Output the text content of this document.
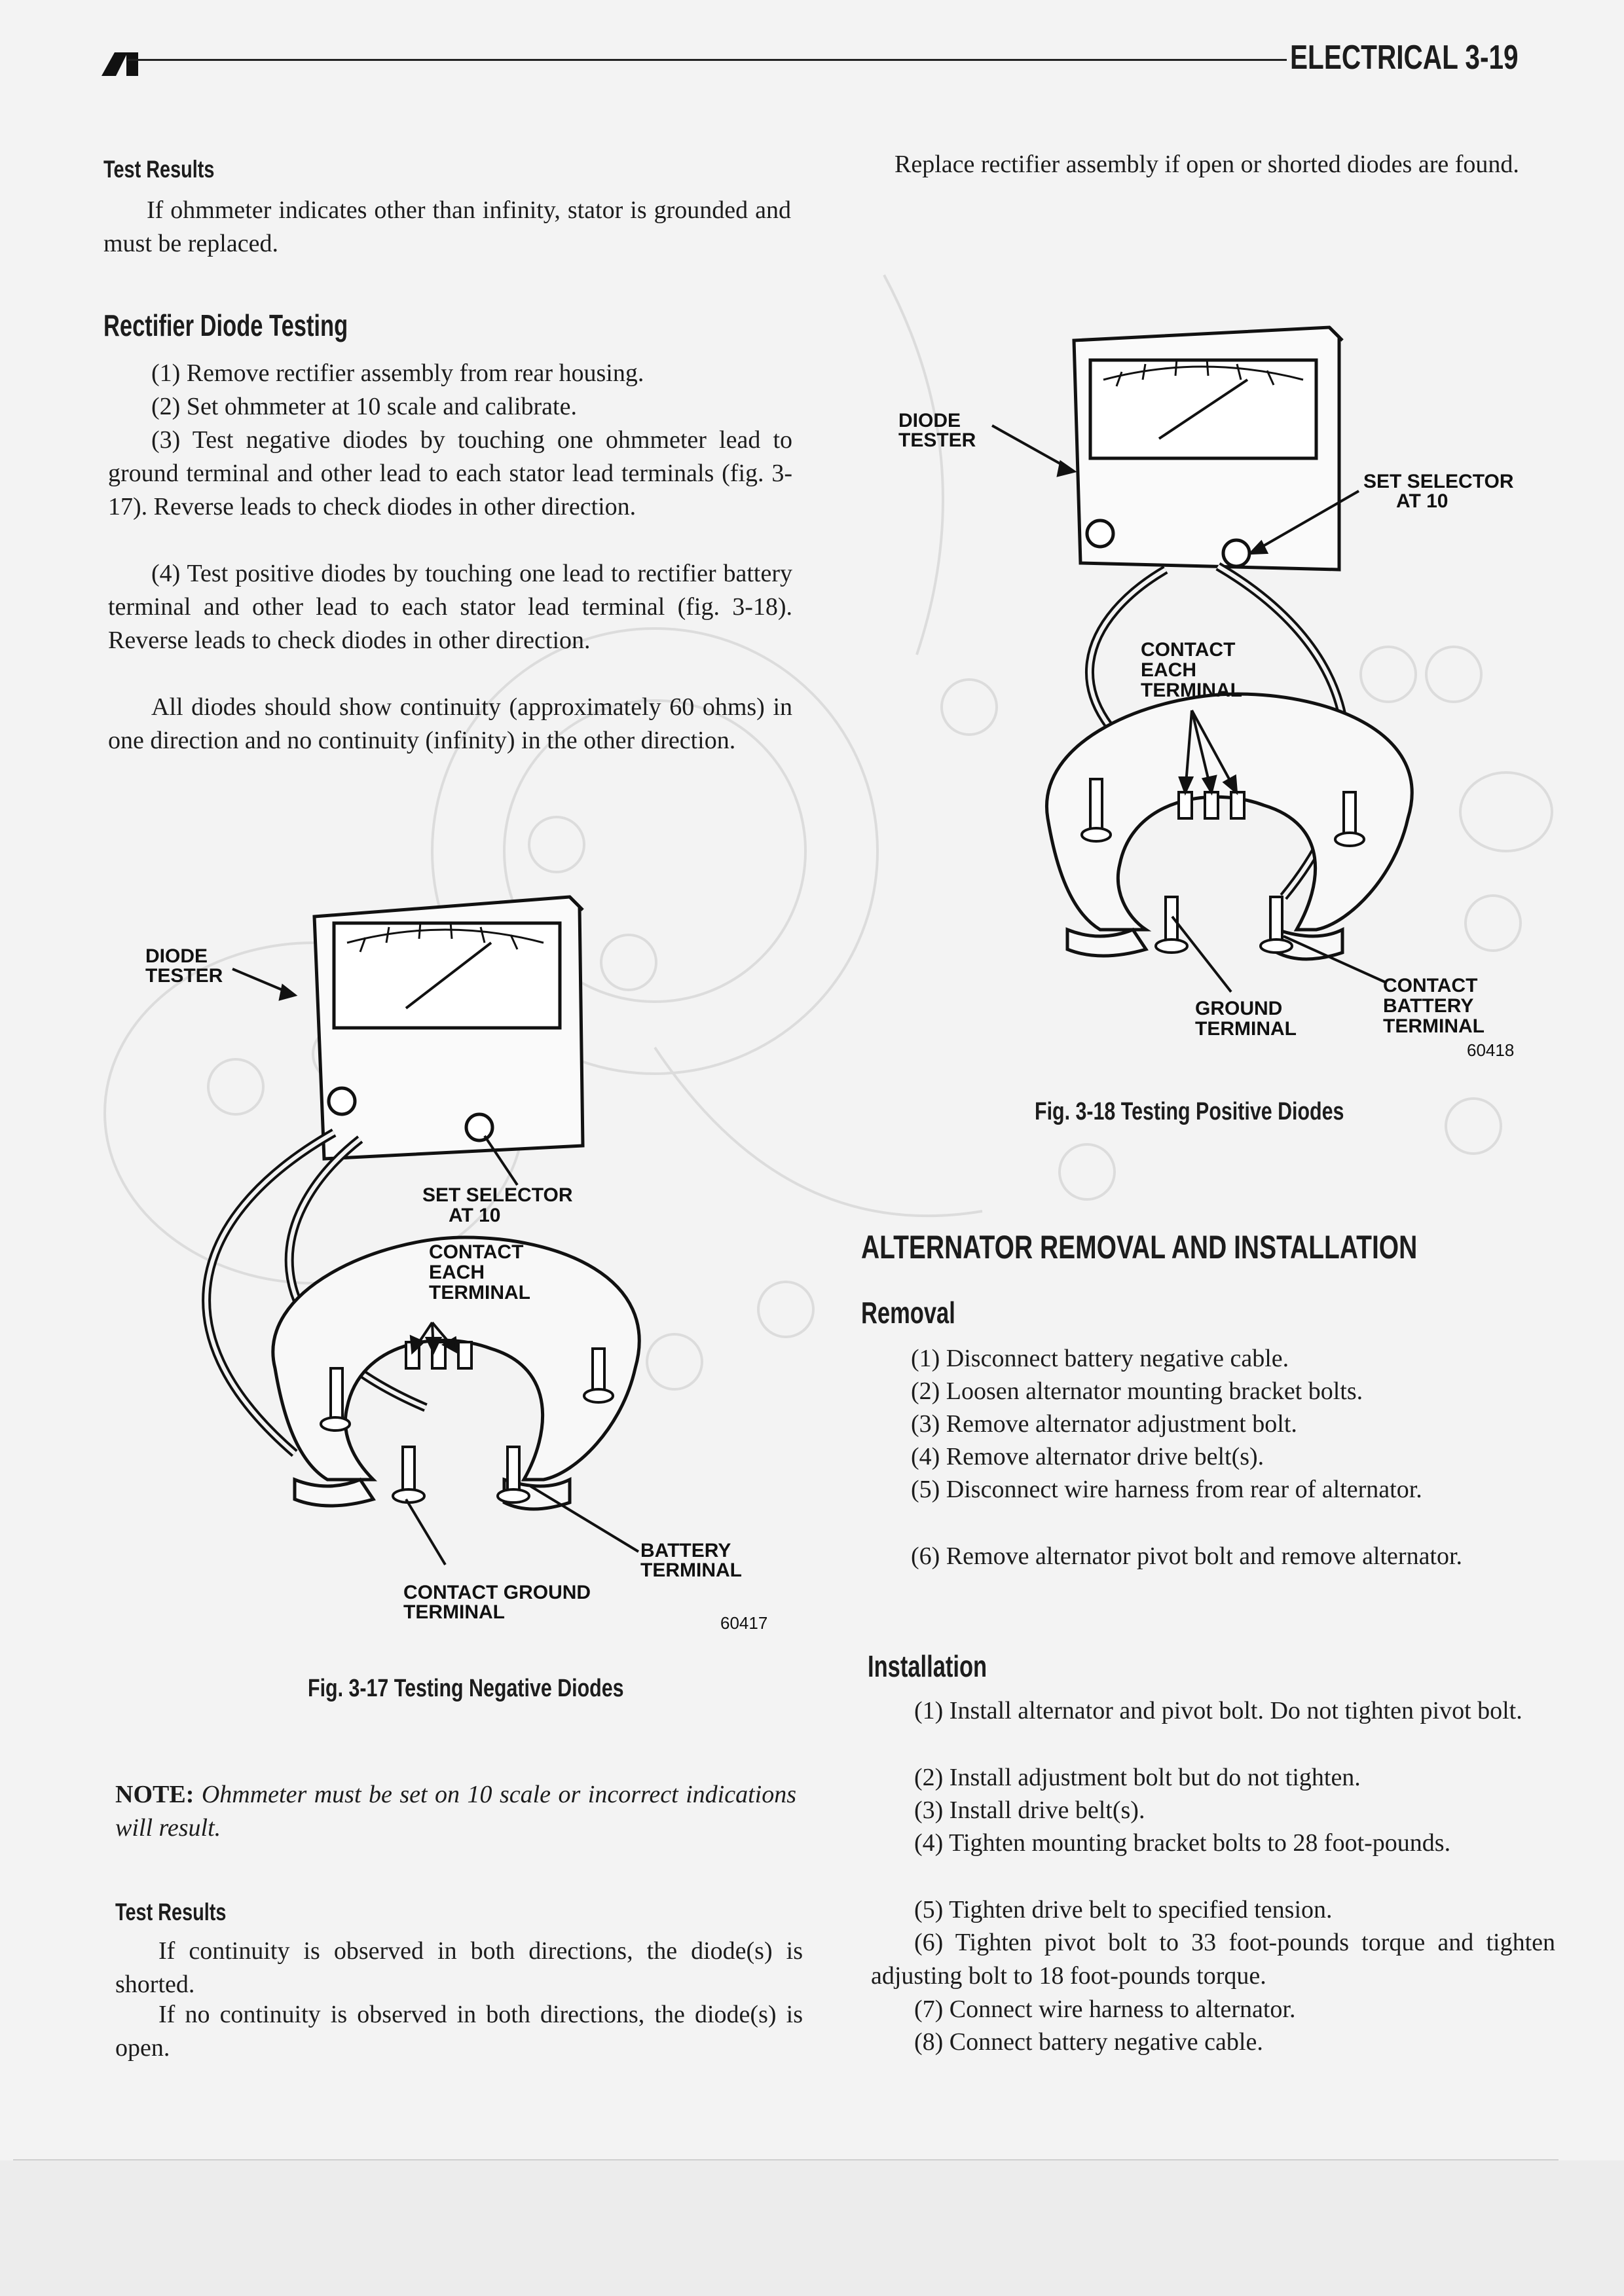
ELECTRICAL 3-19
Test Results

If ohmmeter indicates other than infinity, stator is grounded and must be replaced.

Rectifier Diode Testing

(1) Remove rectifier assembly from rear housing.

(2) Set ohmmeter at 10 scale and calibrate.

(3) Test negative diodes by touching one ohmmeter lead to ground terminal and other lead to each stator lead terminals (fig. 3-17). Reverse leads to check diodes in other direction.

(4) Test positive diodes by touching one lead to rectifier battery terminal and other lead to each stator lead terminal (fig. 3-18). Reverse leads to check diodes in other direction.

All diodes should show continuity (approximately 60 ohms) in one direction and no continuity (infinity) in the other direction.

DIODE TESTER
SET SELECTOR AT 10
CONTACT EACH TERMINAL
BATTERY TERMINAL
CONTACT GROUND TERMINAL	60417
Fig. 3-17 Testing Negative Diodes

NOTE: Ohmmeter must be set on 10 scale or incorrect indications will result.

Test Results

If continuity is observed in both directions, the diode(s) is shorted.

If no continuity is observed in both directions, the diode(s) is open.

Replace rectifier assembly if open or shorted diodes are found.

DIODE TESTER
SET SELECTOR AT 10
CONTACT EACH TERMINAL
GROUND TERMINAL
CONTACT BATTERY TERMINAL
60418
Fig. 3-18 Testing Positive Diodes
ALTERNATOR REMOVAL AND INSTALLATION
Removal

(1) Disconnect battery negative cable.

(2) Loosen alternator mounting bracket bolts.

(3) Remove alternator adjustment bolt.

(4) Remove alternator drive belt(s).

(5) Disconnect wire harness from rear of alternator.

(6) Remove alternator pivot bolt and remove alternator.

Installation

(1) Install alternator and pivot bolt. Do not tighten pivot bolt.

(2) Install adjustment bolt but do not tighten.

(3) Install drive belt(s).

(4) Tighten mounting bracket bolts to 28 foot-pounds.

(5) Tighten drive belt to specified tension.

(6) Tighten pivot bolt to 33 foot-pounds torque and tighten adjusting bolt to 18 foot-pounds torque.

(7) Connect wire harness to alternator.

(8) Connect battery negative cable.
